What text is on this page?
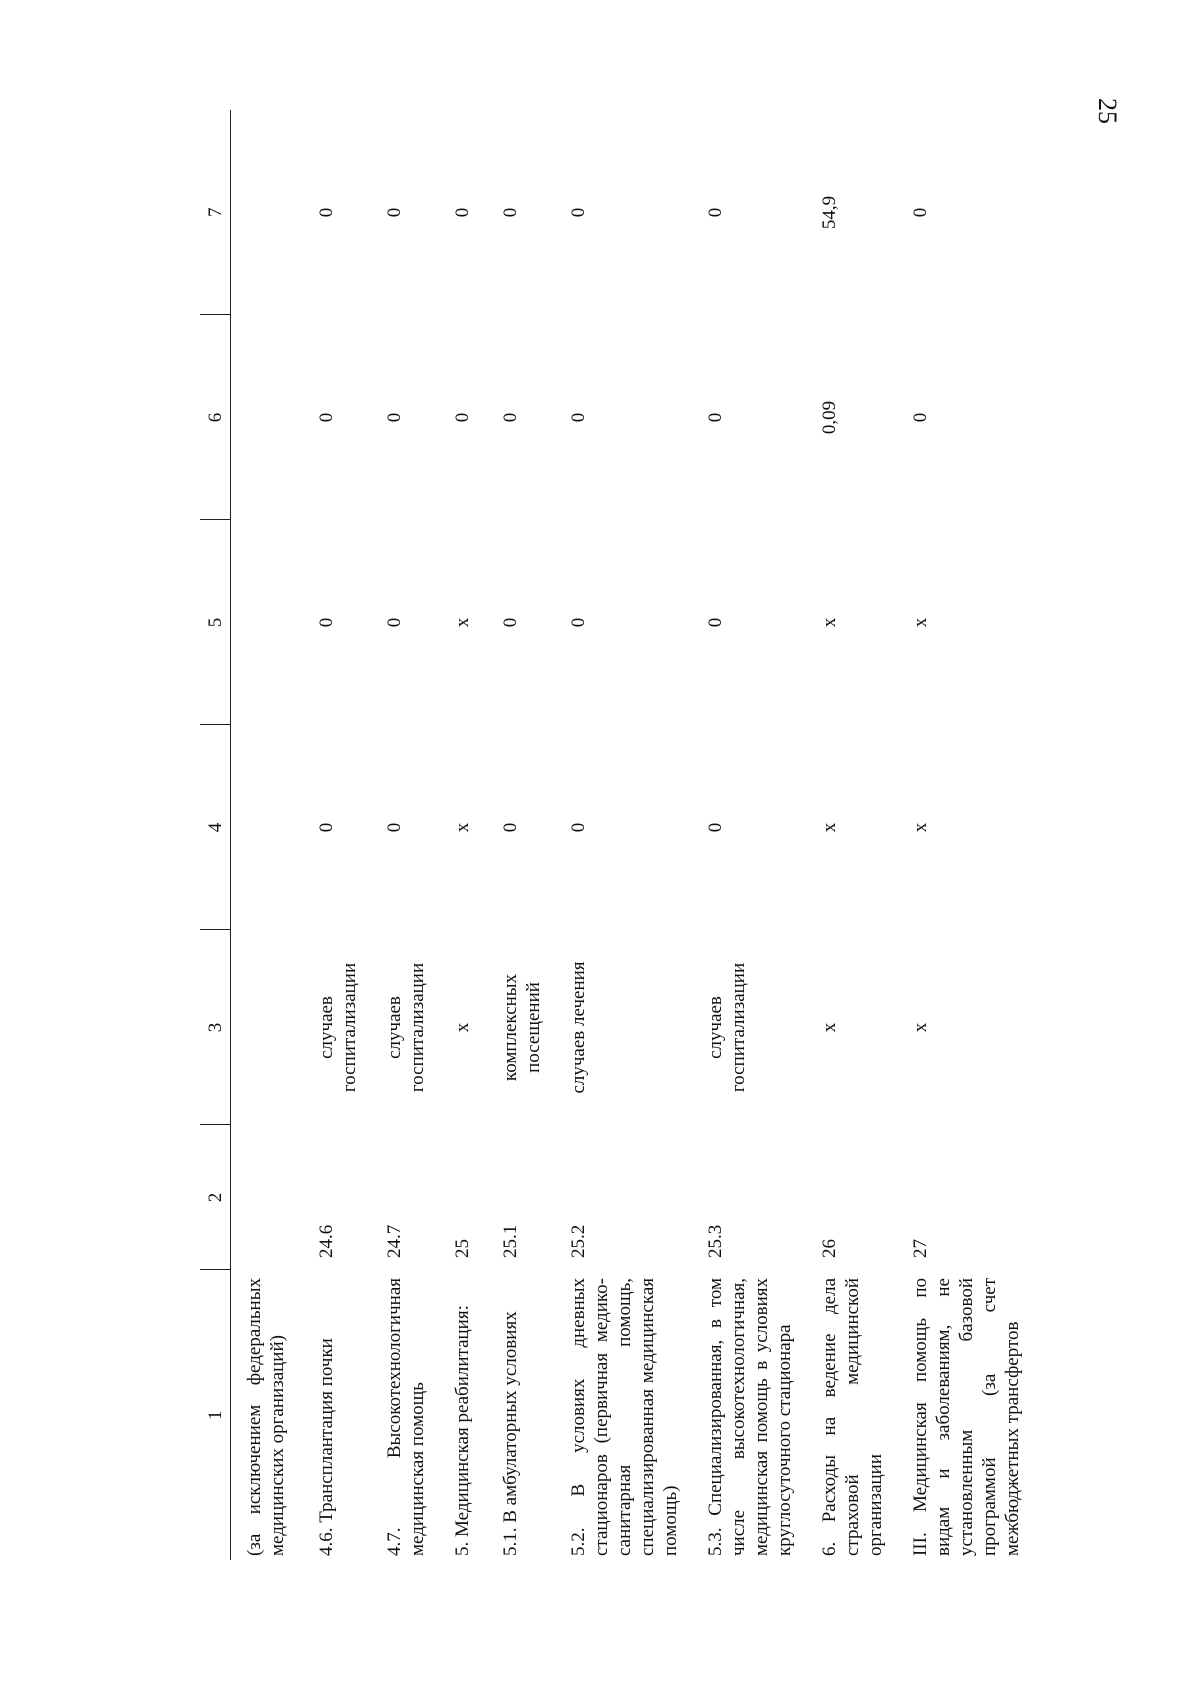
25
1	2	3	4	5	6	7
(за исключением федеральных медицинских организаций)						
4.6. Трансплантация почки	24.6	случаев госпитализации	0	0	0	0
4.7. Высокотехнологичная медицинская помощь	24.7	случаев госпитализации	0	0	0	0
5. Медицинская реабилитация:	25	х	х	х	0	0
5.1. В амбулаторных условиях	25.1	комплексных посещений	0	0	0	0
5.2. В условиях дневных стационаров (первичная медико-санитарная помощь, специализированная медицинская помощь)	25.2	случаев лечения	0	0	0	0
5.3. Специализированная, в том числе высокотехнологичная, медицинская помощь в условиях круглосуточного стационара	25.3	случаев госпитализации	0	0	0	0
6. Расходы на ведение дела страховой медицинской организации	26	х	х	х	0,09	54,9
III. Медицинская помощь по видам и заболеваниям, не установленным базовой программой (за счет межбюджетных трансфертов	27	х	х	х	0	0
